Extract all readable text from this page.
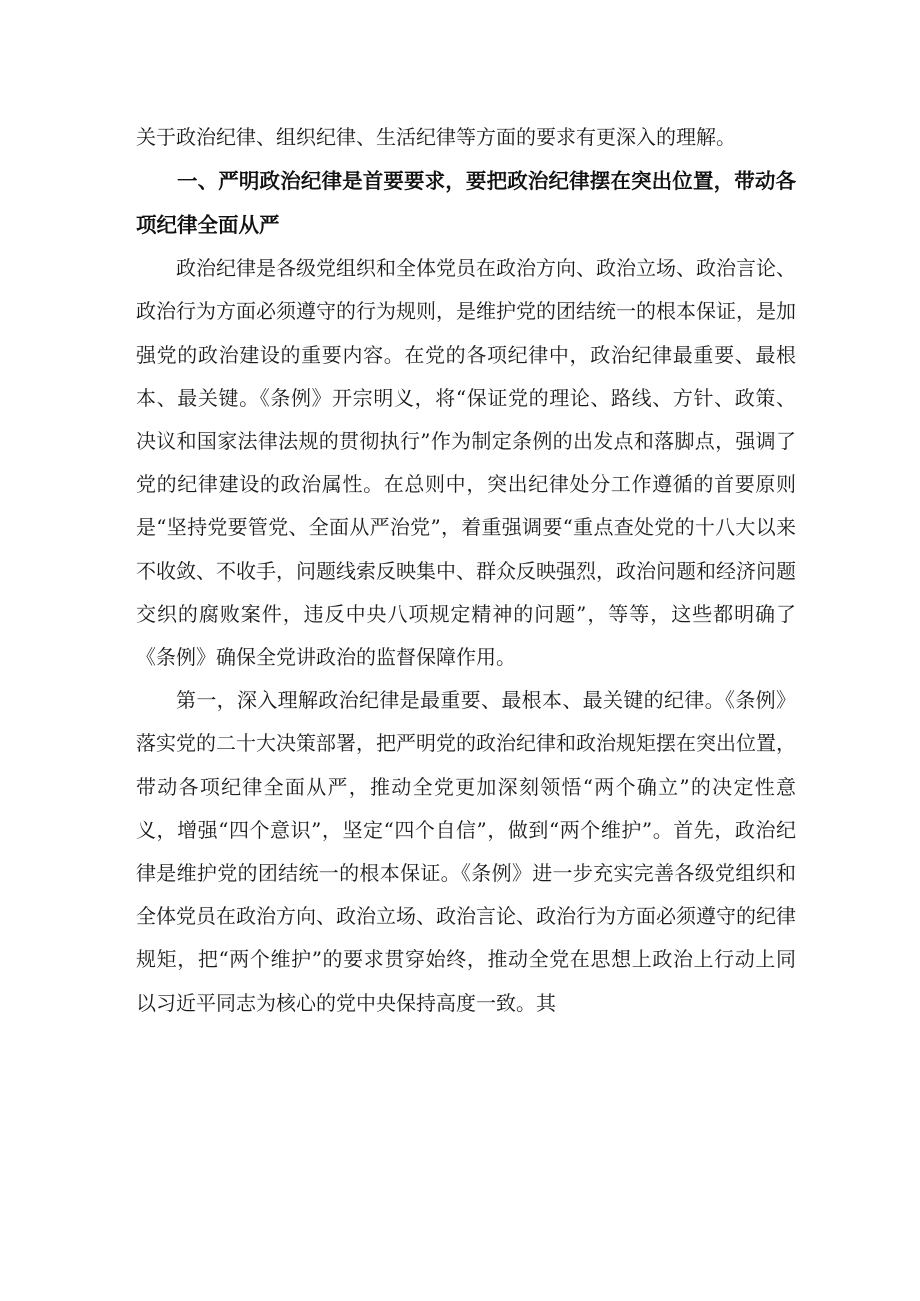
关于政治纪律、组织纪律、生活纪律等方面的要求有更深入的理解。

一、严明政治纪律是首要要求，要把政治纪律摆在突出位置，带动各项纪律全面从严

政治纪律是各级党组织和全体党员在政治方向、政治立场、政治言论、政治行为方面必须遵守的行为规则，是维护党的团结统一的根本保证，是加强党的政治建设的重要内容。在党的各项纪律中，政治纪律最重要、最根本、最关键。《条例》开宗明义，将“保证党的理论、路线、方针、政策、决议和国家法律法规的贯彻执行”作为制定条例的出发点和落脚点，强调了党的纪律建设的政治属性。在总则中，突出纪律处分工作遵循的首要原则是“坚持党要管党、全面从严治党”，着重强调要“重点查处党的十八大以来不收敛、不收手，问题线索反映集中、群众反映强烈，政治问题和经济问题交织的腐败案件，违反中央八项规定精神的问题”，等等，这些都明确了《条例》确保全党讲政治的监督保障作用。

第一，深入理解政治纪律是最重要、最根本、最关键的纪律。《条例》落实党的二十大决策部署，把严明党的政治纪律和政治规矩摆在突出位置，带动各项纪律全面从严，推动全党更加深刻领悟“两个确立”的决定性意义，增强“四个意识”，坚定“四个自信”，做到“两个维护”。首先，政治纪律是维护党的团结统一的根本保证。《条例》进一步充实完善各级党组织和全体党员在政治方向、政治立场、政治言论、政治行为方面必须遵守的纪律规矩，把“两个维护”的要求贯穿始终，推动全党在思想上政治上行动上同以习近平同志为核心的党中央保持高度一致。其
